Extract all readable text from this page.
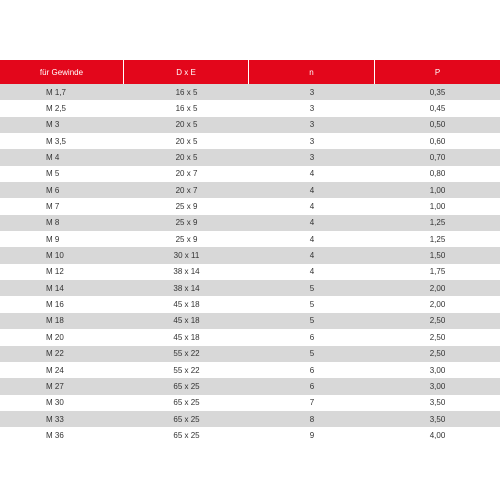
für Gewinde	D x E	n	P
M 1,7	16 x 5	3	0,35
M 2,5	16 x 5	3	0,45
M 3	20 x 5	3	0,50
M 3,5	20 x 5	3	0,60
M 4	20 x 5	3	0,70
M 5	20 x 7	4	0,80
M 6	20 x 7	4	1,00
M 7	25 x 9	4	1,00
M 8	25 x 9	4	1,25
M 9	25 x 9	4	1,25
M 10	30 x 11	4	1,50
M 12	38 x 14	4	1,75
M 14	38 x 14	5	2,00
M 16	45 x 18	5	2,00
M 18	45 x 18	5	2,50
M 20	45 x 18	6	2,50
M 22	55 x 22	5	2,50
M 24	55 x 22	6	3,00
M 27	65 x 25	6	3,00
M 30	65 x 25	7	3,50
M 33	65 x 25	8	3,50
M 36	65 x 25	9	4,00
